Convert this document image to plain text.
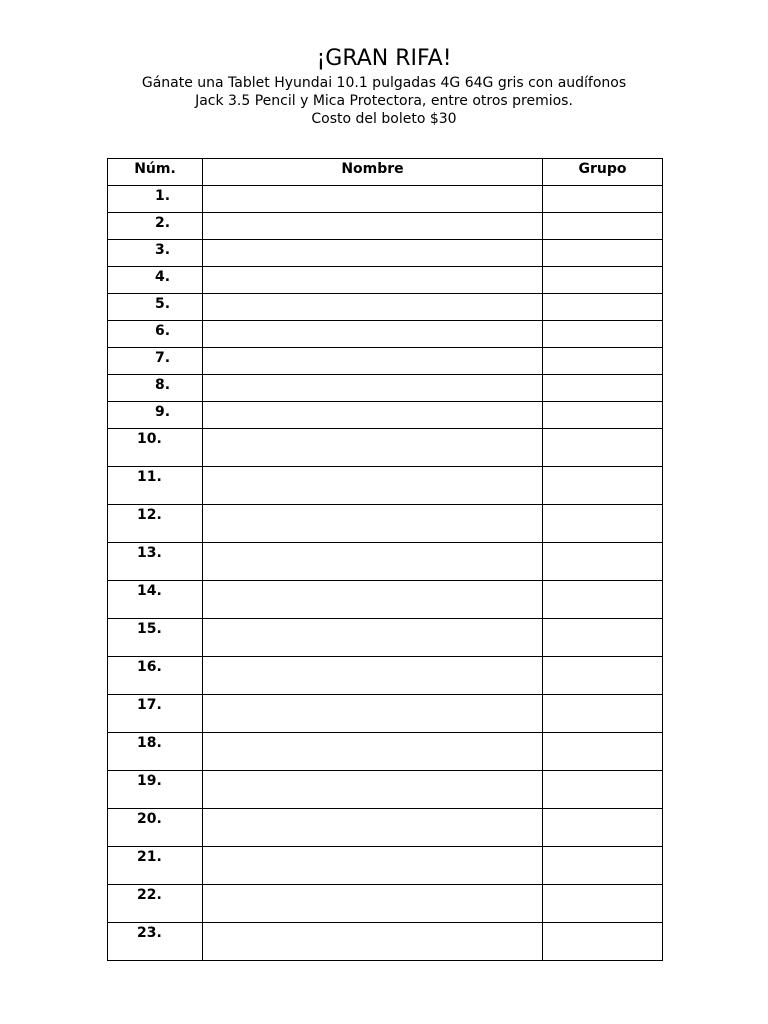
¡GRAN RIFA!

Gánate una Tablet Hyundai 10.1 pulgadas 4G 64G gris con audífonos

Jack 3.5 Pencil y Mica Protectora, entre otros premios.

Costo del boleto $30

Núm.	Nombre	Grupo
1.		
2.		
3.		
4.		
5.		
6.		
7.		
8.		
9.		
10.		
11.		
12.		
13.		
14.		
15.		
16.		
17.		
18.		
19.		
20.		
21.		
22.		
23.		
